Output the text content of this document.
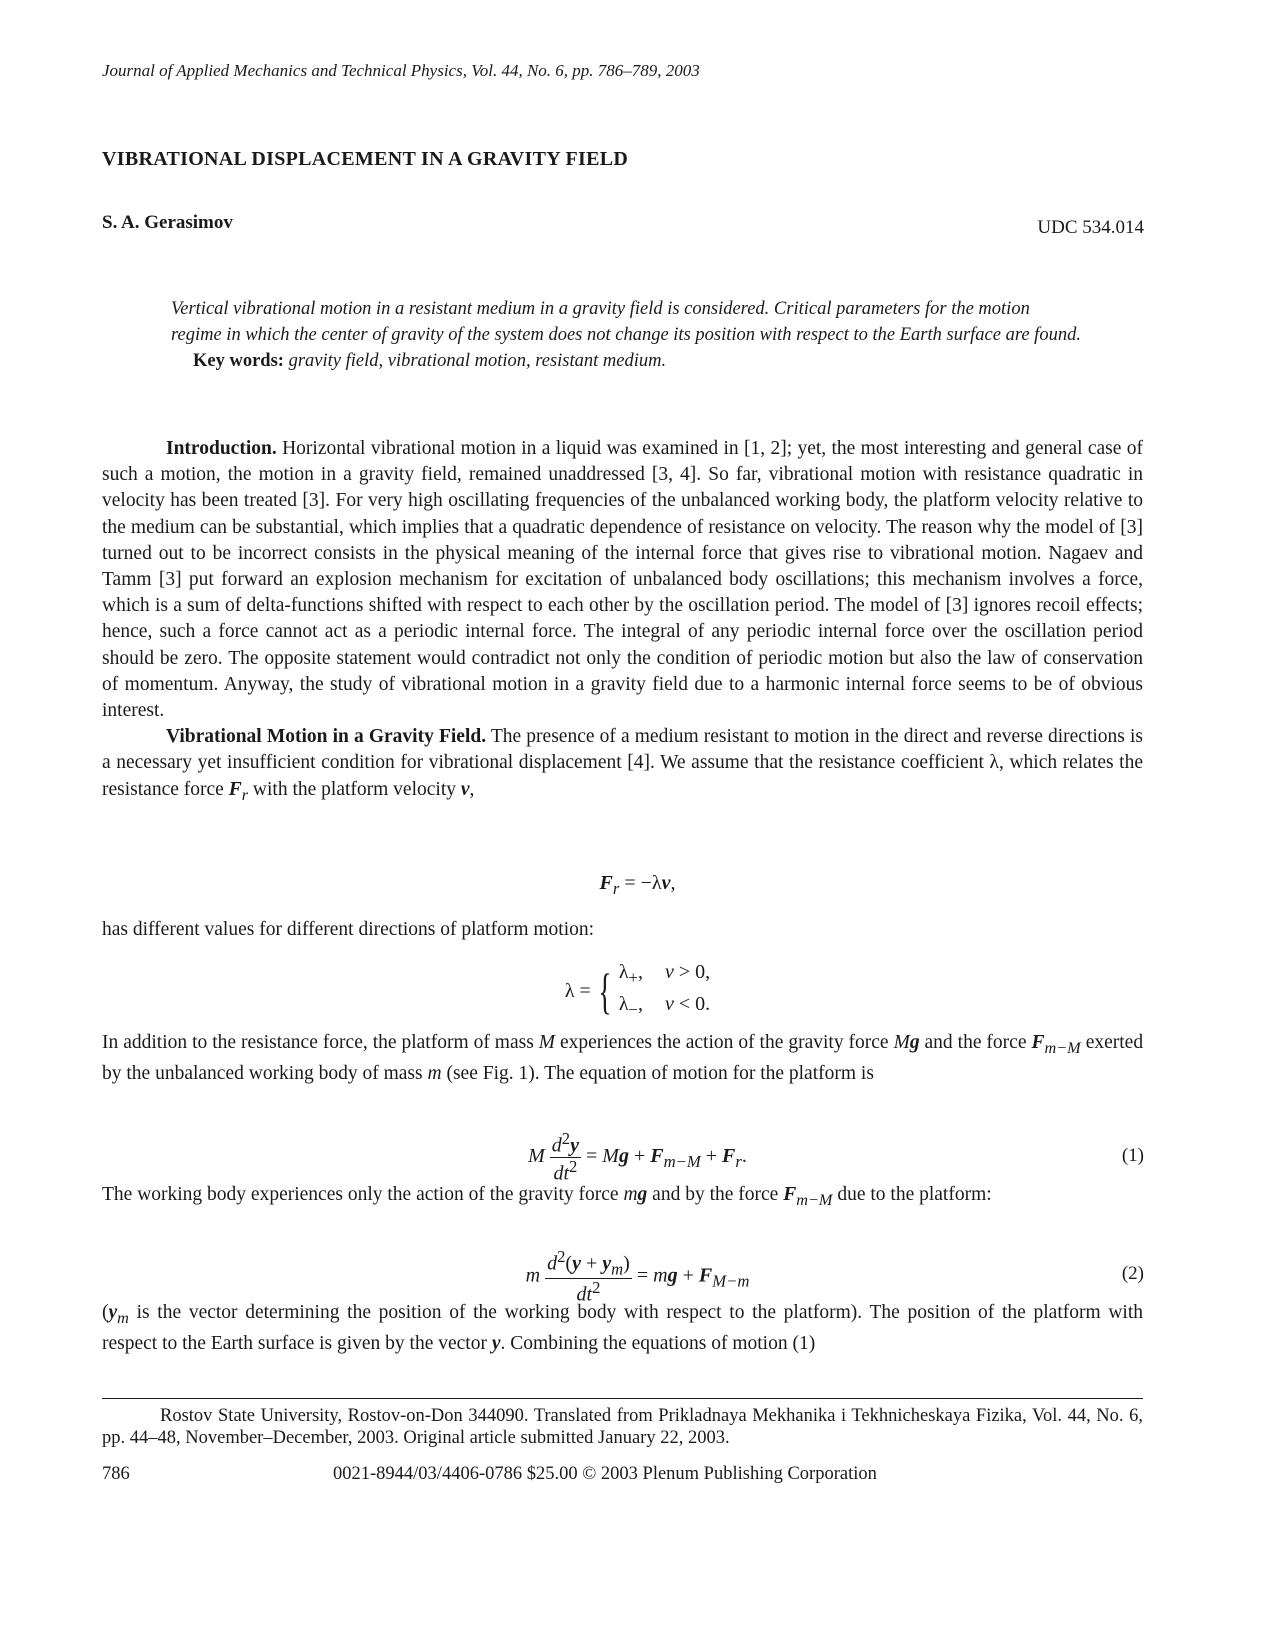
Journal of Applied Mechanics and Technical Physics, Vol. 44, No. 6, pp. 786–789, 2003
VIBRATIONAL DISPLACEMENT IN A GRAVITY FIELD
S. A. Gerasimov	UDC 534.014
Vertical vibrational motion in a resistant medium in a gravity field is considered. Critical parameters for the motion regime in which the center of gravity of the system does not change its position with respect to the Earth surface are found.
Key words: gravity field, vibrational motion, resistant medium.

Introduction. Horizontal vibrational motion in a liquid was examined in [1, 2]; yet, the most interesting and general case of such a motion, the motion in a gravity field, remained unaddressed [3, 4]. So far, vibrational motion with resistance quadratic in velocity has been treated [3]. For very high oscillating frequencies of the unbalanced working body, the platform velocity relative to the medium can be substantial, which implies that a quadratic dependence of resistance on velocity. The reason why the model of [3] turned out to be incorrect consists in the physical meaning of the internal force that gives rise to vibrational motion. Nagaev and Tamm [3] put forward an explosion mechanism for excitation of unbalanced body oscillations; this mechanism involves a force, which is a sum of delta-functions shifted with respect to each other by the oscillation period. The model of [3] ignores recoil effects; hence, such a force cannot act as a periodic internal force. The integral of any periodic internal force over the oscillation period should be zero. The opposite statement would contradict not only the condition of periodic motion but also the law of conservation of momentum. Anyway, the study of vibrational motion in a gravity field due to a harmonic internal force seems to be of obvious interest.

Vibrational Motion in a Gravity Field. The presence of a medium resistant to motion in the direct and reverse directions is a necessary yet insufficient condition for vibrational displacement [4]. We assume that the resistance coefficient λ, which relates the resistance force $F_r$ with the platform velocity v,

$F_r = -\lambda v$,

has different values for different directions of platform motion:

λ = { $\lambda_+$, v > 0,
$\lambda_-$, v < 0.

In addition to the resistance force, the platform of mass M experiences the action of the gravity force Mg and the force $F_{m-M}$ exerted by the unbalanced working body of mass m (see Fig. 1). The equation of motion for the platform is

M $\frac{d^2y}{dt^2} = Mg + F_{m-M} + F_r$.	(1)

The working body experiences only the action of the gravity force mg and by the force $F_{m-M}$ due to the platform:

m $\frac{d^2(y + y_m)}{dt^2}$ = mg + $F_{M-m}$	(2)

($y_m$ is the vector determining the position of the working body with respect to the platform). The position of the platform with respect to the Earth surface is given by the vector y. Combining the equations of motion (1)

Rostov State University, Rostov-on-Don 344090. Translated from Prikladnaya Mekhanika i Tekhnicheskaya Fizika, Vol. 44, No. 6, pp. 44–48, November–December, 2003. Original article submitted January 22, 2003.
786	0021-8944/03/4406-0786 $25.00 © 2003 Plenum Publishing Corporation
